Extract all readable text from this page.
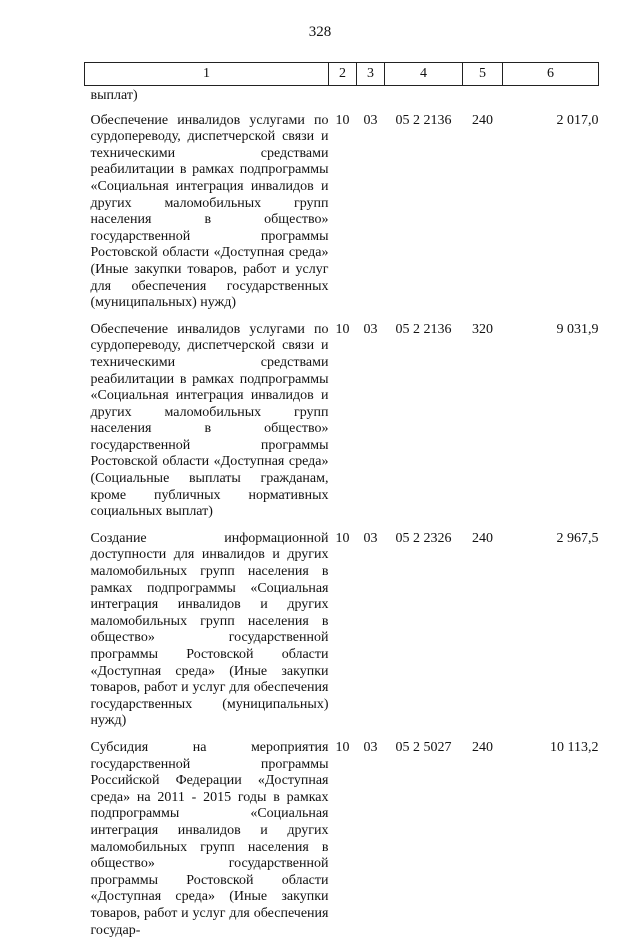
328
1	2	3	4	5	6

выплат)					

Обеспечение инвалидов услугами по сурдопереводу, диспетчерской связи и техническими средствами реабилитации в рамках подпрограммы «Социальная интеграция инвалидов и других маломобильных групп населения в общество» государственной программы Ростовской области «Доступная среда» (Иные закупки товаров, работ и услуг для обеспечения государственных (муниципальных) нужд)	10	03	05 2 2136	240	2 017,0

Обеспечение инвалидов услугами по сурдопереводу, диспетчерской связи и техническими средствами реабилитации в рамках подпрограммы «Социальная интеграция инвалидов и других маломобильных групп населения в общество» государственной программы Ростовской области «Доступная среда» (Социальные выплаты гражданам, кроме публичных нормативных социальных выплат)	10	03	05 2 2136	320	9 031,9

Создание информационной доступности для инвалидов и других маломобильных групп населения в рамках подпрограммы «Социальная интеграция инвалидов и других маломобильных групп населения в общество» государственной программы Ростовской области «Доступная среда» (Иные закупки товаров, работ и услуг для обеспечения государственных (муниципальных) нужд)	10	03	05 2 2326	240	2 967,5

Субсидия на мероприятия государственной программы Российской Федерации «Доступная среда» на 2011 - 2015 годы в рамках подпрограммы «Социальная интеграция инвалидов и других маломобильных групп населения в общество» государственной программы Ростовской области «Доступная среда» (Иные закупки товаров, работ и услуг для обеспечения государ-	10	03	05 2 5027	240	10 113,2
